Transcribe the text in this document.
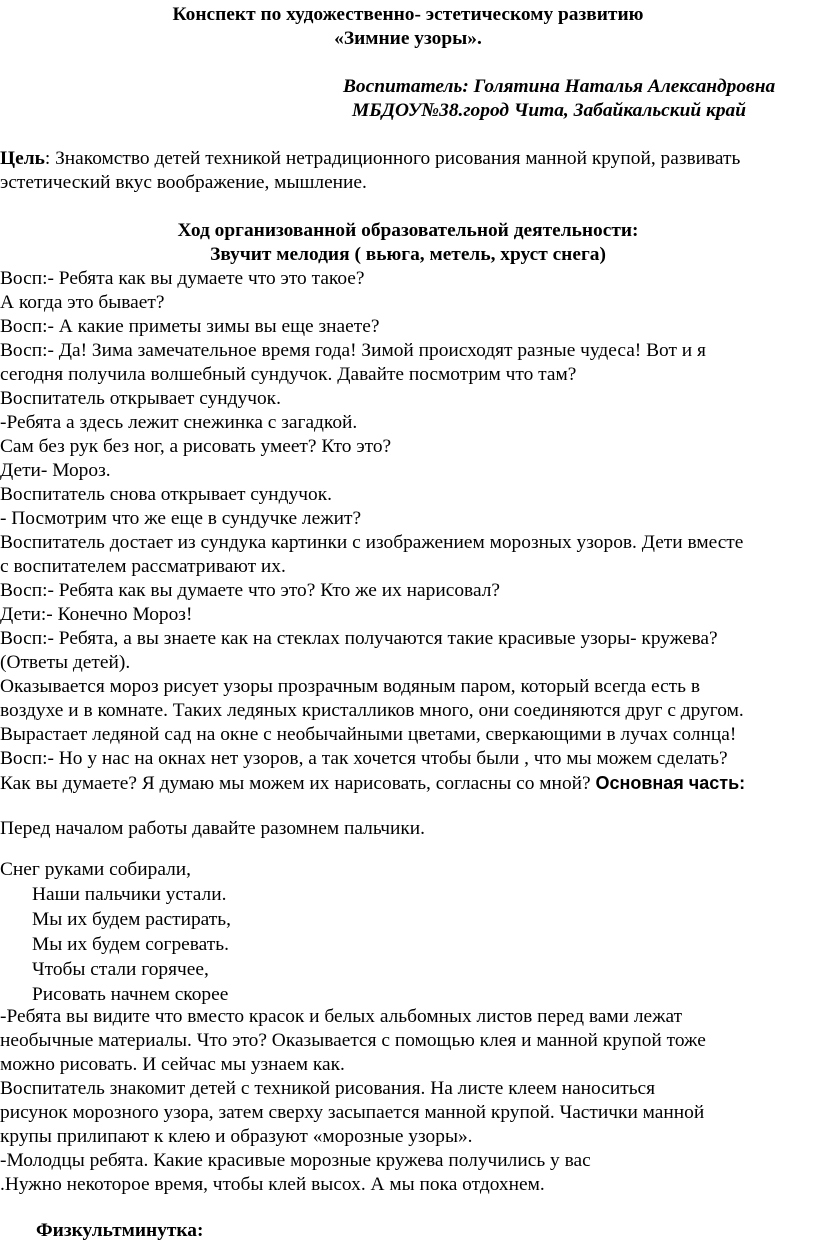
Конспект по художественно- эстетическому развитию
«Зимние узоры».
Воспитатель: Голятина Наталья Александровна
МБДОУ№38.город Чита, Забайкальский край
Цель: Знакомство детей техникой нетрадиционного рисования манной крупой, развивать
эстетический вкус воображение, мышление.
Ход организованной образовательной деятельности:
Звучит мелодия ( вьюга, метель, хруст снега)
Восп:- Ребята как вы думаете что это такое?
А когда это бывает?
Восп:- А какие приметы зимы вы еще знаете?
Восп:- Да! Зима замечательное время года! Зимой происходят разные чудеса! Вот и я
сегодня получила волшебный сундучок. Давайте посмотрим что там?
Воспитатель открывает сундучок.
-Ребята а здесь лежит снежинка с загадкой.
Сам без рук без ног, а рисовать умеет? Кто это?
Дети- Мороз.
Воспитатель снова открывает сундучок.
- Посмотрим что же еще в сундучке лежит?
Воспитатель достает из сундука картинки с изображением морозных узоров. Дети вместе
с воспитателем рассматривают их.
Восп:- Ребята как вы думаете что это? Кто же их нарисовал?
Дети:- Конечно Мороз!
Восп:- Ребята, а вы знаете как на стеклах получаются такие красивые узоры- кружева?
(Ответы детей).
Оказывается мороз рисует узоры прозрачным водяным паром, который всегда есть в
воздухе и в комнате. Таких ледяных кристалликов много, они соединяются друг с другом.
Вырастает ледяной сад на окне с необычайными цветами, сверкающими в лучах солнца!
Восп:- Но у нас на окнах нет узоров, а так хочется чтобы были , что мы можем сделать?
Как вы думаете? Я думаю мы можем их нарисовать, согласны со мной? Основная часть:
Перед началом работы давайте разомнем пальчики.
Снег руками собирали,
Наши пальчики устали.
Мы их будем растирать,
Мы их будем согревать.
Чтобы стали горячее,
Рисовать начнем скорее
-Ребята вы видите что вместо красок и белых альбомных листов перед вами лежат
необычные материалы. Что это? Оказывается с помощью клея и манной крупой тоже
можно рисовать. И сейчас мы узнаем как.
Воспитатель знакомит детей с техникой рисования. На листе клеем наноситься
рисунок морозного узора, затем сверху засыпается манной крупой. Частички манной
крупы прилипают к клею и образуют «морозные узоры».
-Молодцы ребята. Какие красивые морозные кружева получились у вас
.Нужно некоторое время, чтобы клей высох. А мы пока отдохнем.
Физкультминутка:
